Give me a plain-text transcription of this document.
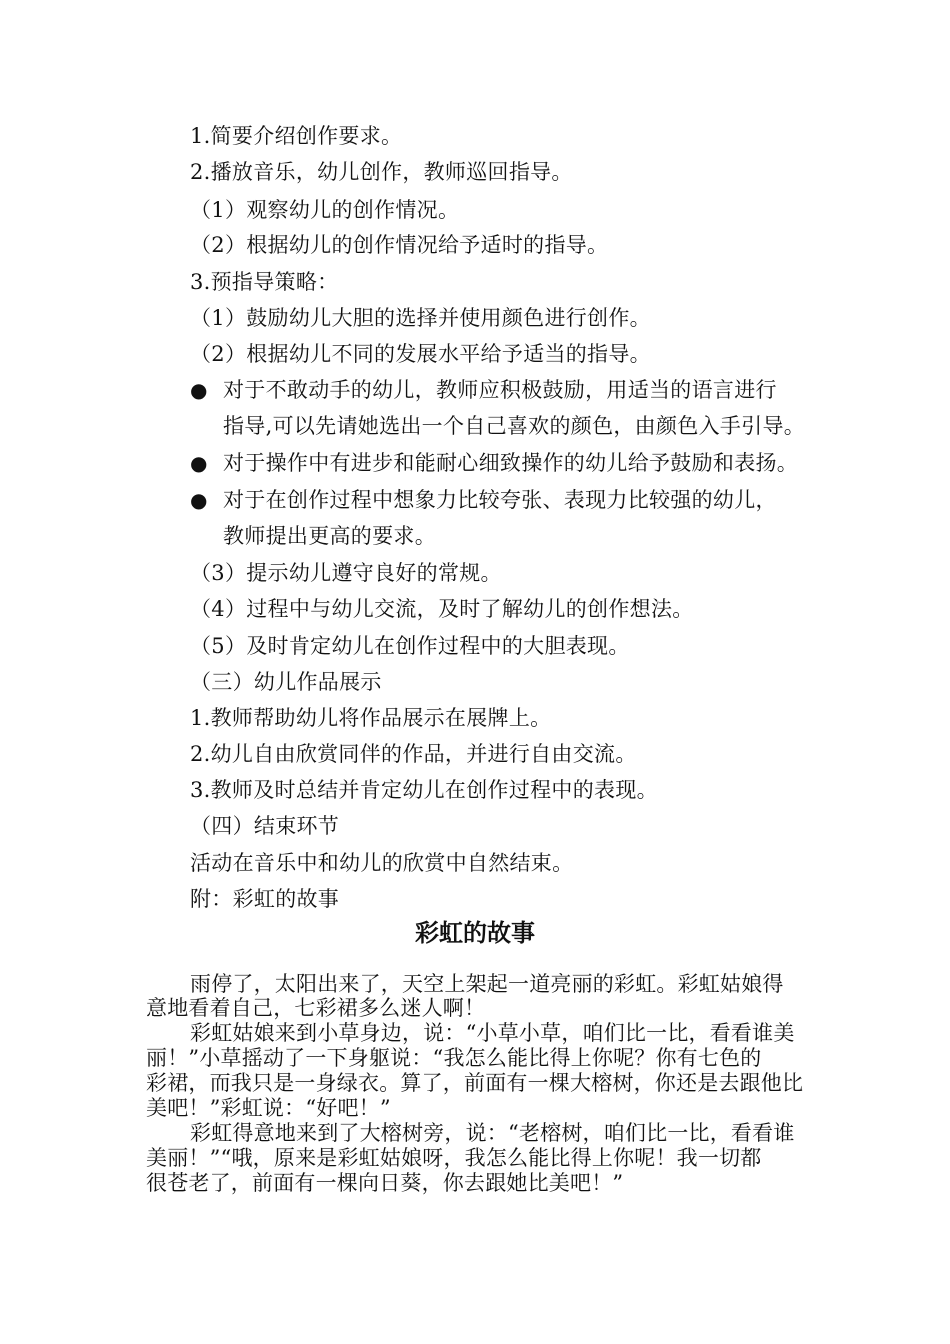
1.简要介绍创作要求。
2.播放音乐，幼儿创作，教师巡回指导。
（1）观察幼儿的创作情况。
（2）根据幼儿的创作情况给予适时的指导。
3.预指导策略：
（1）鼓励幼儿大胆的选择并使用颜色进行创作。
（2）根据幼儿不同的发展水平给予适当的指导。
● 对于不敢动手的幼儿，教师应积极鼓励，用适当的语言进行
指导,可以先请她选出一个自己喜欢的颜色，由颜色入手引导。
● 对于操作中有进步和能耐心细致操作的幼儿给予鼓励和表扬。
● 对于在创作过程中想象力比较夸张、表现力比较强的幼儿，
教师提出更高的要求。
（3）提示幼儿遵守良好的常规。
（4）过程中与幼儿交流，及时了解幼儿的创作想法。
（5）及时肯定幼儿在创作过程中的大胆表现。
（三）幼儿作品展示
1.教师帮助幼儿将作品展示在展牌上。
2.幼儿自由欣赏同伴的作品，并进行自由交流。
3.教师及时总结并肯定幼儿在创作过程中的表现。
（四）结束环节
活动在音乐中和幼儿的欣赏中自然结束。
附：彩虹的故事
彩虹的故事
雨停了，太阳出来了，天空上架起一道亮丽的彩虹。彩虹姑娘得
意地看着自己，七彩裙多么迷人啊！
彩虹姑娘来到小草身边，说：“小草小草，咱们比一比，看看谁美
丽！”小草摇动了一下身躯说：“我怎么能比得上你呢？你有七色的
彩裙，而我只是一身绿衣。算了，前面有一棵大榕树，你还是去跟他比
美吧！”彩虹说：“好吧！”
彩虹得意地来到了大榕树旁，说：“老榕树，咱们比一比，看看谁
美丽！”“哦，原来是彩虹姑娘呀，我怎么能比得上你呢！我一切都
很苍老了，前面有一棵向日葵，你去跟她比美吧！”
